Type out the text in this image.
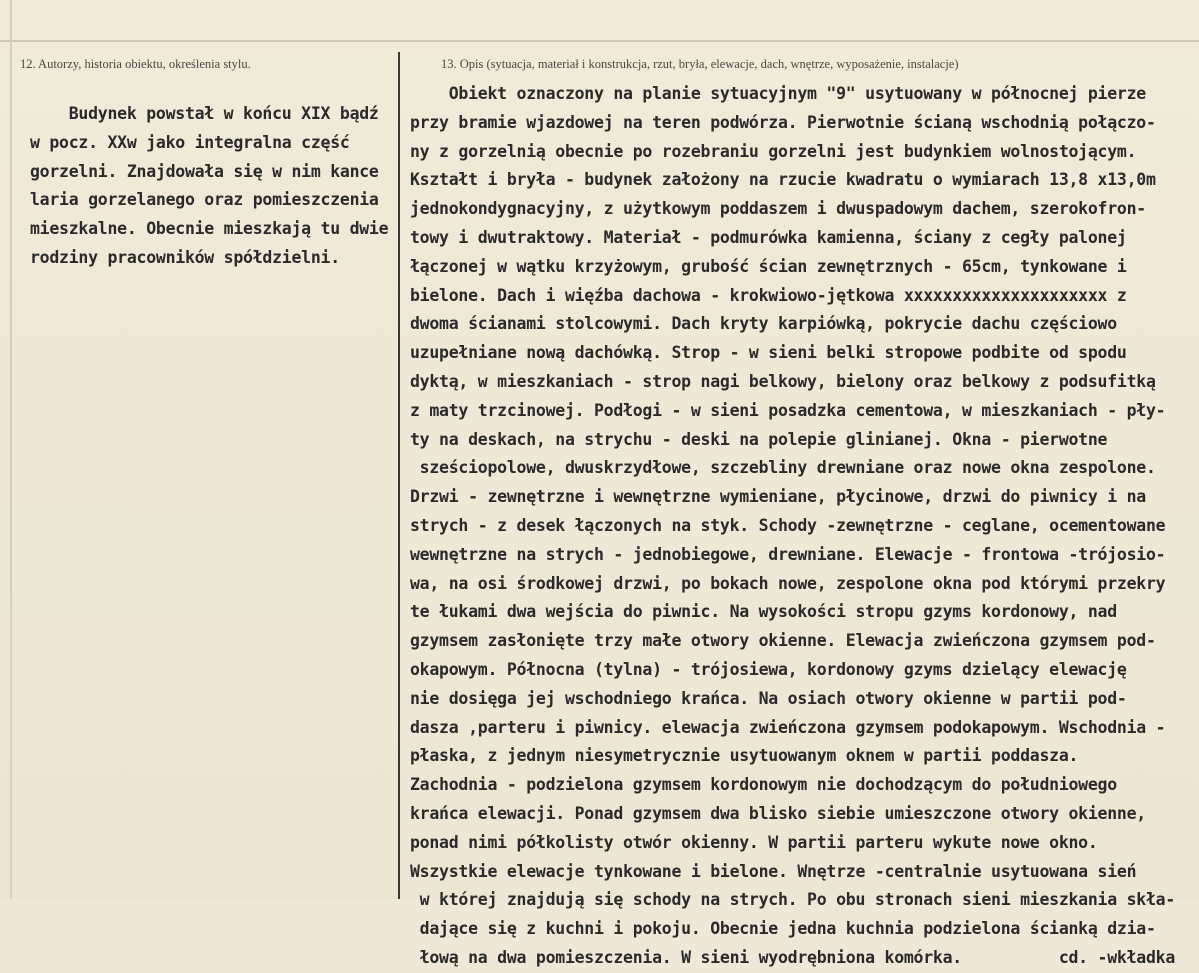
12. Autorzy, historia obiektu, określenia stylu.	13. Opis (sytuacja, materiał i konstrukcja, rzut, bryła, elewacje, dach, wnętrze, wyposażenie, instalacje)
Budynek powstał w końcu XIX bądź
w pocz. XXw jako integralna część
gorzelni. Znajdowała się w nim kance
laria gorzelanego oraz pomieszczenia
mieszkalne. Obecnie mieszkają tu dwie
rodziny pracowników spółdzielni.
Obiekt oznaczony na planie sytuacyjnym "9" usytuowany w północnej pierze
przy bramie wjazdowej na teren podwórza. Pierwotnie ścianą wschodnią połączo-
ny z gorzelnią obecnie po rozebraniu gorzelni jest budynkiem wolnostojącym.
Kształt i bryła - budynek założony na rzucie kwadratu o wymiarach 13,8 x13,0m
jednokondygnacyjny, z użytkowym poddaszem i dwuspadowym dachem, szerokofron-
towy i dwutraktowy. Materiał - podmurówka kamienna, ściany z cegły palonej
łączonej w wątku krzyżowym, grubość ścian zewnętrznych - 65cm, tynkowane i
bielone. Dach i więźba dachowa - krokwiowo-jętkowa xxxxxxxxxxxxxxxxxxxxx z
dwoma ścianami stolcowymi. Dach kryty karpiówką, pokrycie dachu częściowo
uzupełniane nową dachówką. Strop - w sieni belki stropowe podbite od spodu
dyktą, w mieszkaniach - strop nagi belkowy, bielony oraz belkowy z podsufitką
z maty trzcinowej. Podłogi - w sieni posadzka cementowa, w mieszkaniach - pły-
ty na deskach, na strychu - deski na polepie glinianej. Okna - pierwotne
sześciopolowe, dwuskrzydłowe, szczebliny drewniane oraz nowe okna zespolone.
Drzwi - zewnętrzne i wewnętrzne wymieniane, płycinowe, drzwi do piwnicy i na
strych - z desek łączonych na styk. Schody -zewnętrzne - ceglane, ocementowane
wewnętrzne na strych - jednobiegowe, drewniane. Elewacje - frontowa -trójosio-
wa, na osi środkowej drzwi, po bokach nowe, zespolone okna pod którymi przekry
te łukami dwa wejścia do piwnic. Na wysokości stropu gzyms kordonowy, nad
gzymsem zasłonięte trzy małe otwory okienne. Elewacja zwieńczona gzymsem pod-
okapowym. Północna (tylna) - trójosiewa, kordonowy gzyms dzielący elewację
nie dosięga jej wschodniego krańca. Na osiach otwory okienne w partii pod-
dasza ,parteru i piwnicy. elewacja zwieńczona gzymsem podokapowym. Wschodnia -
płaska, z jednym niesymetrycznie usytuowanym oknem w partii poddasza.
Zachodnia - podzielona gzymsem kordonowym nie dochodzącym do południowego
krańca elewacji. Ponad gzymsem dwa blisko siebie umieszczone otwory okienne,
ponad nimi półkolisty otwór okienny. W partii parteru wykute nowe okno.
Wszystkie elewacje tynkowane i bielone. Wnętrze -centralnie usytuowana sień
w której znajdują się schody na strych. Po obu stronach sieni mieszkania skła-
dające się z kuchni i pokoju. Obecnie jedna kuchnia podzielona ścianką dzia-
łową na dwa pomieszczenia. W sieni wyodrębniona komórka.          cd. -wkładka
